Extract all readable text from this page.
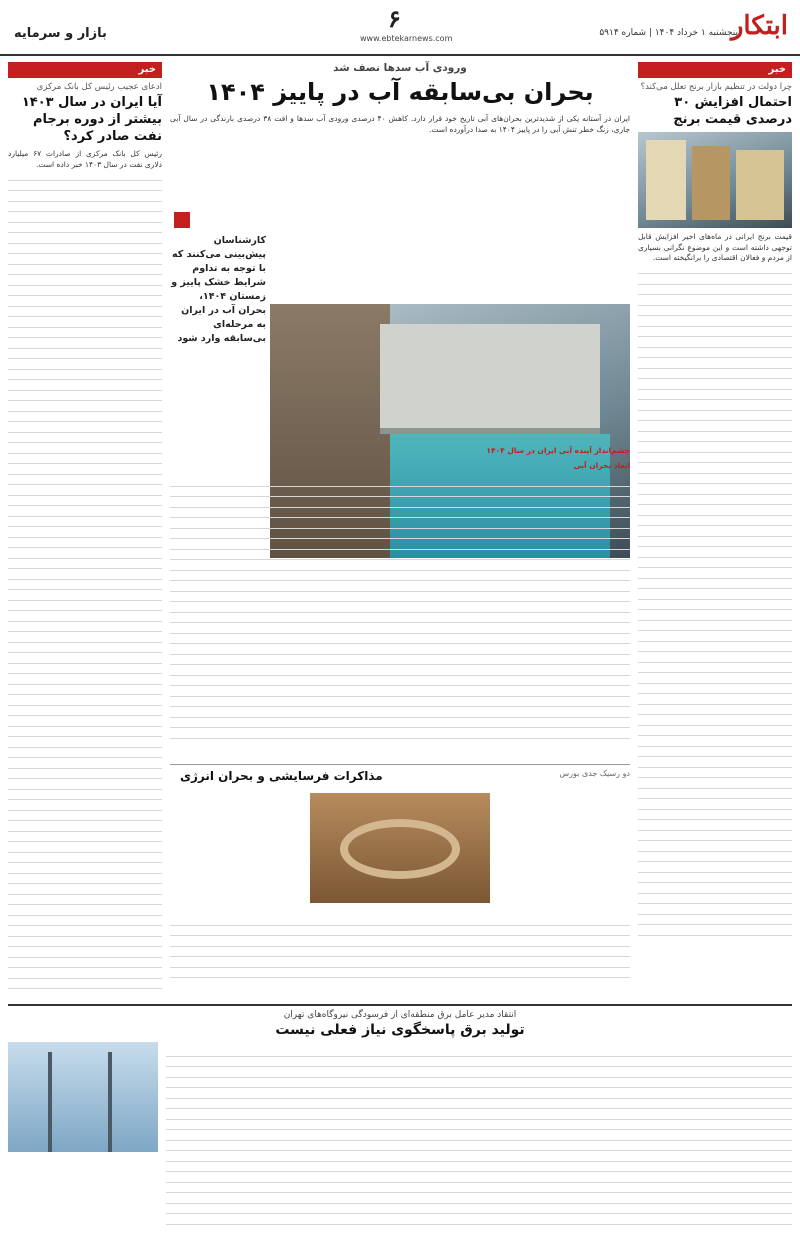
ابتکار
پنجشنبه ۱ خرداد ۱۴۰۴ | شماره ۵۹۱۴
۶
www.ebtekarnews.com
بازار و سرمایه
خبر
چرا دولت در تنظیم بازار برنج تعلل می‌کند؟
احتمال افزایش ۳۰ درصدی قیمت برنج
قیمت برنج ایرانی در ماه‌های اخیر افزایش قابل توجهی داشته است و این موضوع نگرانی بسیاری از مردم و فعالان اقتصادی را برانگیخته است.
خبر
ادعای عجیب رئیس کل بانک مرکزی
آیا ایران در سال ۱۴۰۳ بیشتر از دوره برجام نفت صادر کرد؟
رئیس کل بانک مرکزی از صادرات ۶۷ میلیارد دلاری نفت در سال ۱۴۰۳ خبر داده است.
ورودی آب سدها نصف شد
بحران بی‌سابقه آب در پاییز ۱۴۰۴
ایران در آستانه یکی از شدیدترین بحران‌های آبی تاریخ خود قرار دارد. کاهش ۴۰ درصدی ورودی آب سدها و افت ۳۸ درصدی بارندگی در سال آبی جاری، زنگ خطر تنش آبی را در پاییز ۱۴۰۴ به صدا درآورده است.
کارشناسان پیش‌بینی می‌کنند که با توجه به تداوم شرایط خشک پاییز و زمستان ۱۴۰۴، بحران آب در ایران به مرحله‌ای بی‌سابقه وارد شود
چشم‌انداز آینده آبی ایران در سال ۱۴۰۴
ابعاد بحران آبی
دو رسیک جدی بورس
مذاکرات فرسایشی و بحران انرژی
انتقاد مدیر عامل برق منطقه‌ای از فرسودگی نیروگاه‌های تهران
تولید برق پاسخگوی نیاز فعلی نیست
